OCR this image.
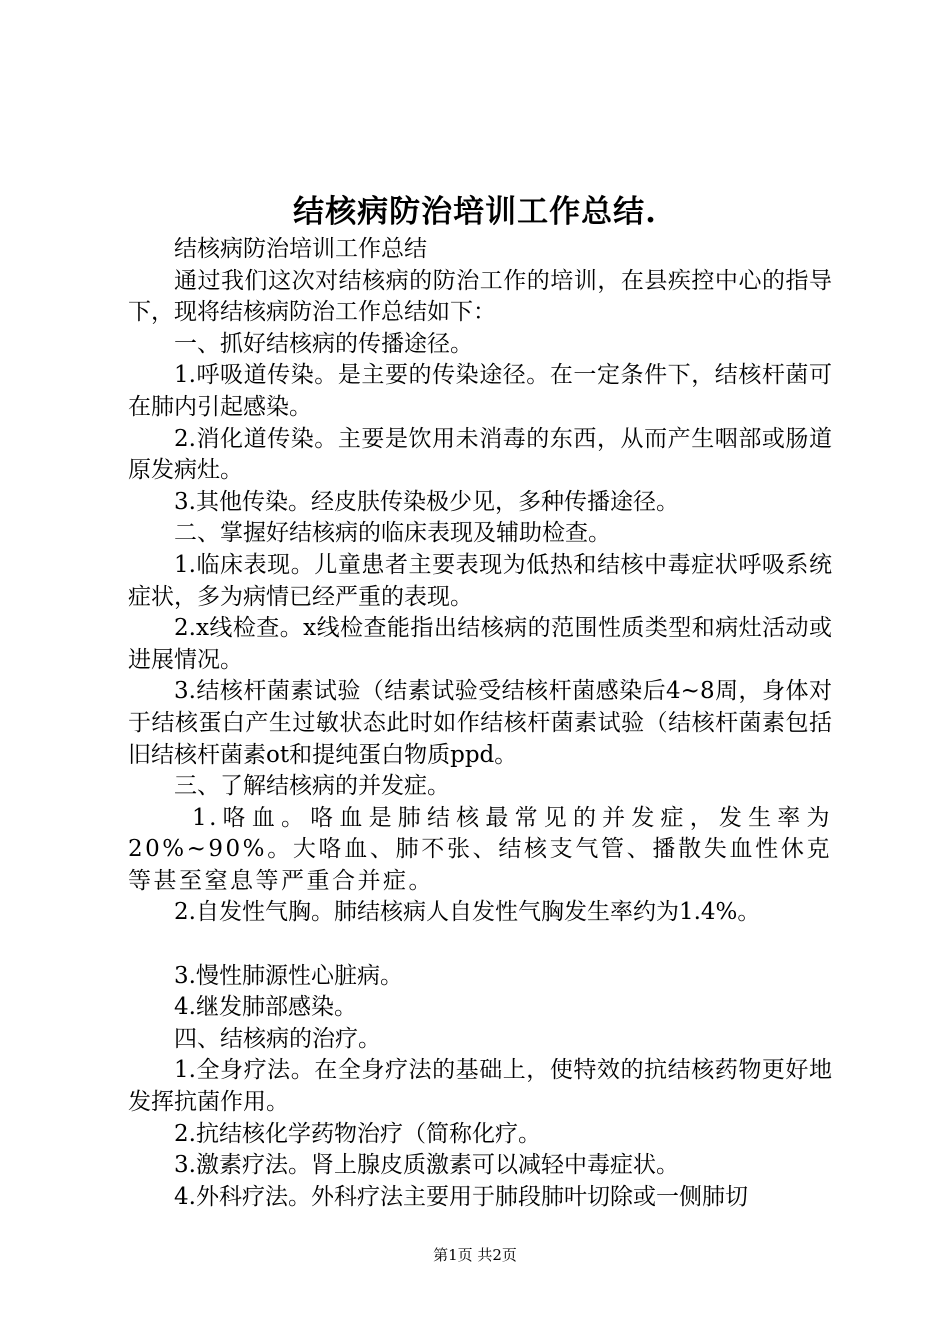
结核病防治培训工作总结.

结核病防治培训工作总结

通过我们这次对结核病的防治工作的培训，在县疾控中心的指导下，现将结核病防治工作总结如下：

一、抓好结核病的传播途径。

1.呼吸道传染。是主要的传染途径。在一定条件下，结核杆菌可在肺内引起感染。

2.消化道传染。主要是饮用未消毒的东西，从而产生咽部或肠道原发病灶。

3.其他传染。经皮肤传染极少见，多种传播途径。

二、掌握好结核病的临床表现及辅助检查。

1.临床表现。儿童患者主要表现为低热和结核中毒症状呼吸系统症状，多为病情已经严重的表现。

2.x线检查。x线检查能指出结核病的范围性质类型和病灶活动或进展情况。

3.结核杆菌素试验（结素试验受结核杆菌感染后4~8周，身体对于结核蛋白产生过敏状态此时如作结核杆菌素试验（结核杆菌素包括旧结核杆菌素ot和提纯蛋白物质ppd。

三、了解结核病的并发症。

1.咯血。咯血是肺结核最常见的并发症，发生率为20%~90%。大咯血、肺不张、结核支气管、播散失血性休克等甚至窒息等严重合并症。

2.自发性气胸。肺结核病人自发性气胸发生率约为1.4%。

3.慢性肺源性心脏病。

4.继发肺部感染。

四、结核病的治疗。

1.全身疗法。在全身疗法的基础上，使特效的抗结核药物更好地发挥抗菌作用。

2.抗结核化学药物治疗（简称化疗。

3.激素疗法。肾上腺皮质激素可以减轻中毒症状。

4.外科疗法。外科疗法主要用于肺段肺叶切除或一侧肺切

第1页 共2页
